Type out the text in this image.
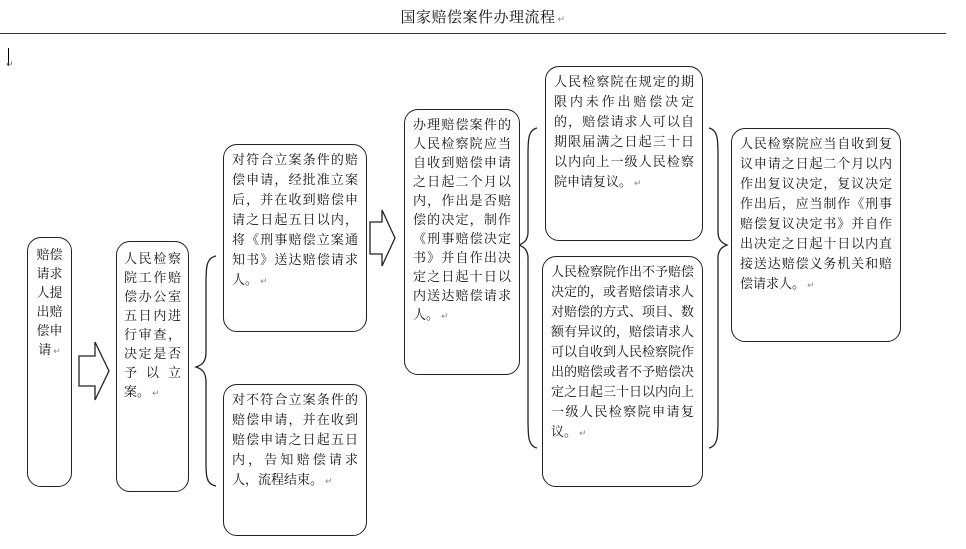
国家赔偿案件办理流程 ↵
↵
赔偿请求人提出赔偿申请 ↵
人民检察院工作赔偿办公室五日内进行审查，决定是否予以立案。 ↵
对符合立案条件的赔偿申请，经批准立案后，并在收到赔偿申请之日起五日以内，将《刑事赔偿立案通知书》送达赔偿请求人。 ↵
对不符合立案条件的赔偿申请，并在收到赔偿申请之日起五日内，告知赔偿请求人，流程结束。 ↵
办理赔偿案件的人民检察院应当自收到赔偿申请之日起二个月以内，作出是否赔偿的决定，制作《刑事赔偿决定书》并自作出决定之日起十日以内送达赔偿请求人。 ↵
人民检察院在规定的期限内未作出赔偿决定的，赔偿请求人可以自期限届满之日起三十日以内向上一级人民检察院申请复议。 ↵
人民检察院作出不予赔偿决定的，或者赔偿请求人对赔偿的方式、项目、数额有异议的，赔偿请求人可以自收到人民检察院作出的赔偿或者不予赔偿决定之日起三十日以内向上一级人民检察院申请复议。 ↵
人民检察院应当自收到复议申请之日起二个月以内作出复议决定，复议决定作出后，应当制作《刑事赔偿复议决定书》并自作出决定之日起十日以内直接送达赔偿义务机关和赔偿请求人。 ↵
